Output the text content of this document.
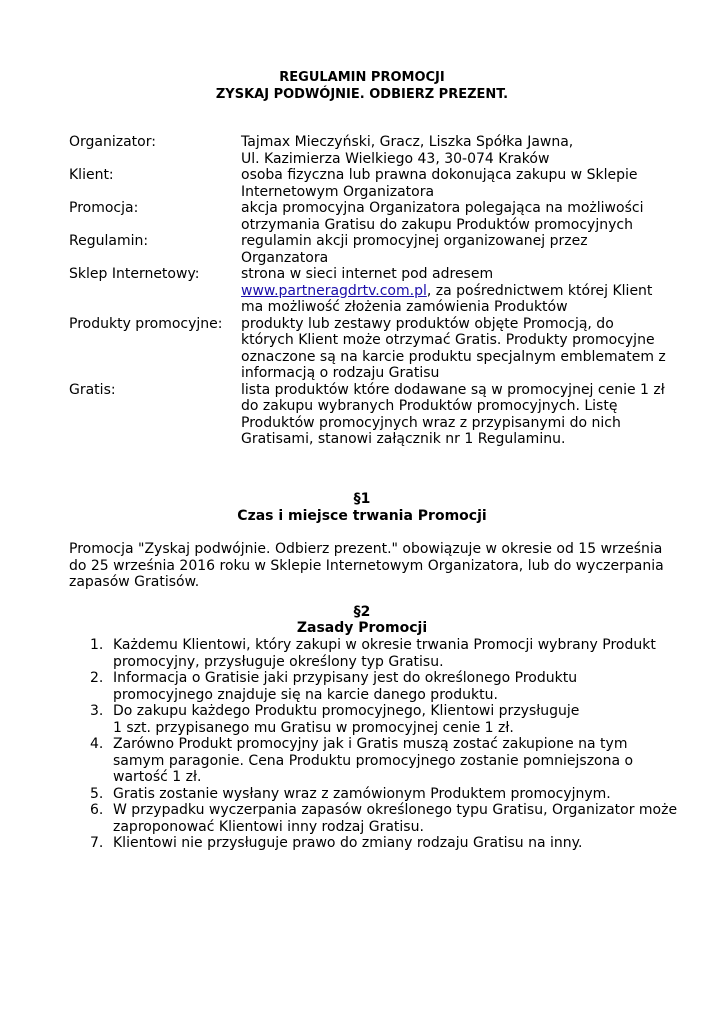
REGULAMIN PROMOCJI
ZYSKAJ PODWÓJNIE. ODBIERZ PREZENT.
Organizator:	Tajmax Mieczyński, Gracz, Liszka Spółka Jawna,
Ul. Kazimierza Wielkiego 43, 30-074 Kraków
Klient:	osoba fizyczna lub prawna dokonująca zakupu w Sklepie
Internetowym Organizatora
Promocja:	akcja promocyjna Organizatora polegająca na możliwości
otrzymania Gratisu do zakupu Produktów promocyjnych
Regulamin:	regulamin akcji promocyjnej organizowanej przez
Organzatora
Sklep Internetowy:	strona w sieci internet pod adresem
www.partneragdrtv.com.pl, za pośrednictwem której Klient
ma możliwość złożenia zamówienia Produktów
Produkty promocyjne:	produkty lub zestawy produktów objęte Promocją, do
których Klient może otrzymać Gratis. Produkty promocyjne
oznaczone są na karcie produktu specjalnym emblematem z
informacją o rodzaju Gratisu
Gratis:	lista produktów które dodawane są w promocyjnej cenie 1 zł
do zakupu wybranych Produktów promocyjnych. Listę
Produktów promocyjnych wraz z przypisanymi do nich
Gratisami, stanowi załącznik nr 1 Regulaminu.
§1
Czas i miejsce trwania Promocji
Promocja "Zyskaj podwójnie. Odbierz prezent." obowiązuje w okresie od 15 września
do 25 września 2016 roku w Sklepie Internetowym Organizatora, lub do wyczerpania
zapasów Gratisów.
§2
Zasady Promocji
1. Każdemu Klientowi, który zakupi w okresie trwania Promocji wybrany Produkt
promocyjny, przysługuje określony typ Gratisu.
2. Informacja o Gratisie jaki przypisany jest do określonego Produktu
promocyjnego znajduje się na karcie danego produktu.
3. Do zakupu każdego Produktu promocyjnego, Klientowi przysługuje
1 szt. przypisanego mu Gratisu w promocyjnej cenie 1 zł.
4. Zarówno Produkt promocyjny jak i Gratis muszą zostać zakupione na tym
samym paragonie. Cena Produktu promocyjnego zostanie pomniejszona o
wartość 1 zł.
5. Gratis zostanie wysłany wraz z zamówionym Produktem promocyjnym.
6. W przypadku wyczerpania zapasów określonego typu Gratisu, Organizator może
zaproponować Klientowi inny rodzaj Gratisu.
7. Klientowi nie przysługuje prawo do zmiany rodzaju Gratisu na inny.
